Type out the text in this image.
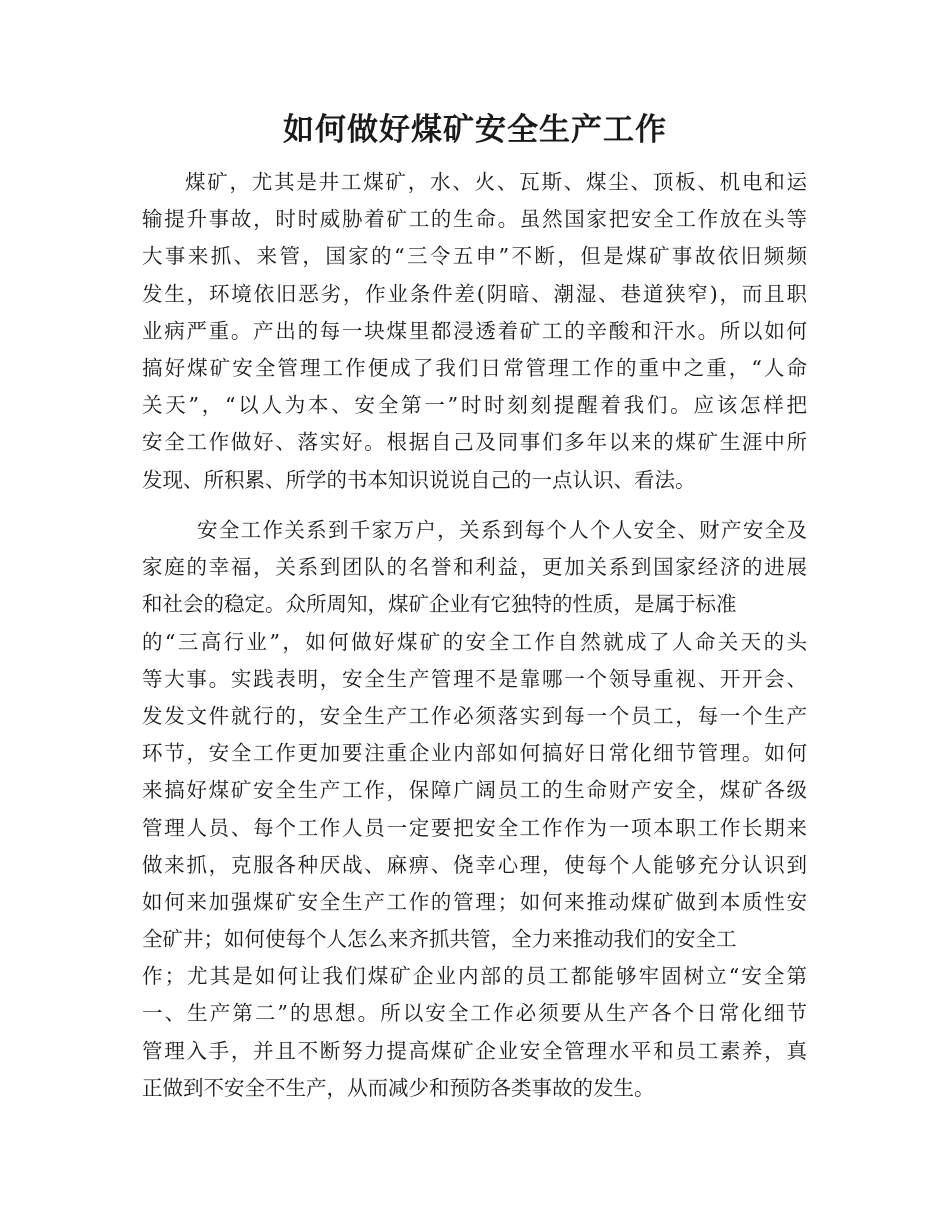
如何做好煤矿安全生产工作
煤矿，尤其是井工煤矿，水、火、瓦斯、煤尘、顶板、机电和运
输提升事故，时时威胁着矿工的生命。虽然国家把安全工作放在头等
大事来抓、来管，国家的“三令五申”不断，但是煤矿事故依旧频频
发生，环境依旧恶劣，作业条件差(阴暗、潮湿、巷道狭窄)，而且职
业病严重。产出的每一块煤里都浸透着矿工的辛酸和汗水。所以如何
搞好煤矿安全管理工作便成了我们日常管理工作的重中之重，“人命
关天”，“以人为本、安全第一”时时刻刻提醒着我们。应该怎样把
安全工作做好、落实好。根据自己及同事们多年以来的煤矿生涯中所
发现、所积累、所学的书本知识说说自己的一点认识、看法。
安全工作关系到千家万户，关系到每个人个人安全、财产安全及
家庭的幸福，关系到团队的名誉和利益，更加关系到国家经济的进展
和社会的稳定。众所周知，煤矿企业有它独特的性质，是属于标准
的“三高行业”，如何做好煤矿的安全工作自然就成了人命关天的头
等大事。实践表明，安全生产管理不是靠哪一个领导重视、开开会、
发发文件就行的，安全生产工作必须落实到每一个员工，每一个生产
环节，安全工作更加要注重企业内部如何搞好日常化细节管理。如何
来搞好煤矿安全生产工作，保障广阔员工的生命财产安全，煤矿各级
管理人员、每个工作人员一定要把安全工作作为一项本职工作长期来
做来抓，克服各种厌战、麻痹、侥幸心理，使每个人能够充分认识到
如何来加强煤矿安全生产工作的管理；如何来推动煤矿做到本质性安
全矿井；如何使每个人怎么来齐抓共管，全力来推动我们的安全工
作；尤其是如何让我们煤矿企业内部的员工都能够牢固树立“安全第
一、生产第二”的思想。所以安全工作必须要从生产各个日常化细节
管理入手，并且不断努力提高煤矿企业安全管理水平和员工素养，真
正做到不安全不生产，从而减少和预防各类事故的发生。
